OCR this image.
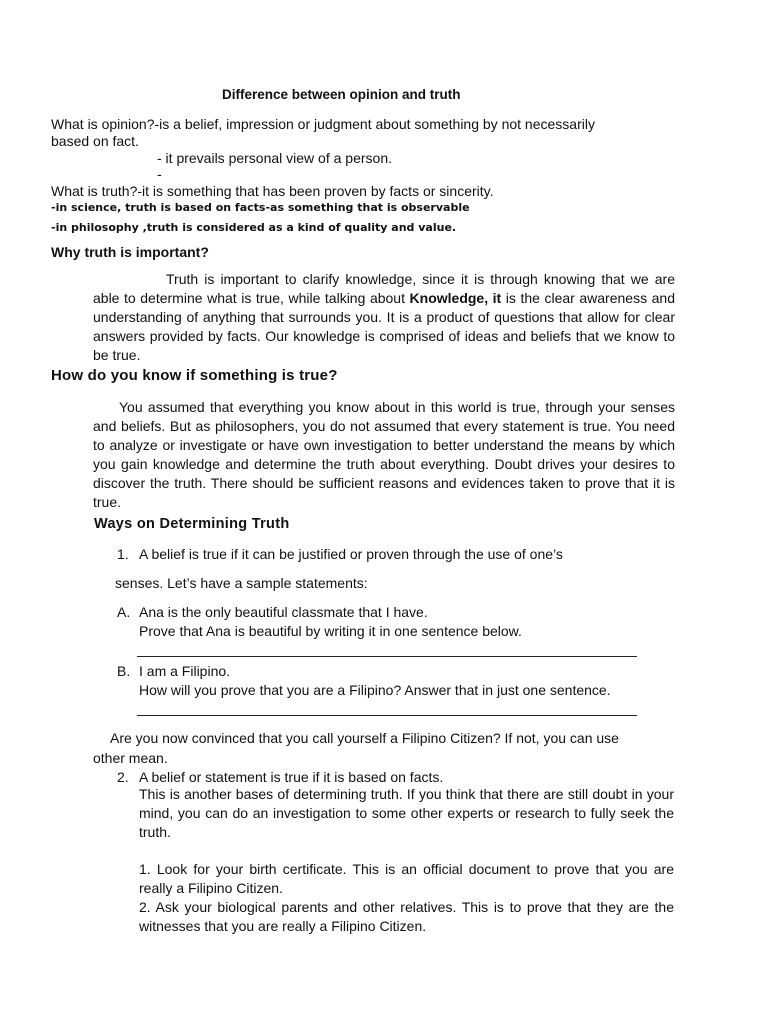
Difference between opinion and truth
What is opinion?-is a belief, impression or judgment about something by not necessarily
based on fact.
- it prevails personal view of a person.
-
What is truth?-it is something that has been proven by facts or sincerity.
-in science, truth is based on facts-as something that is observable
-in philosophy ,truth is considered as a kind of quality and value.
Why truth is important?
Truth is important to clarify knowledge, since it is through knowing that we are able to determine what is true, while talking about Knowledge, it is the clear awareness and understanding of anything that surrounds you. It is a product of questions that allow for clear answers provided by facts. Our knowledge is comprised of ideas and beliefs that we know to be true.
How do you know if something is true?
You assumed that everything you know about in this world is true, through your senses and beliefs. But as philosophers, you do not assumed that every statement is true. You need to analyze or investigate or have own investigation to better understand the means by which you gain knowledge and determine the truth about everything. Doubt drives your desires to discover the truth. There should be sufficient reasons and evidences taken to prove that it is true.
Ways on Determining Truth
1. A belief is true if it can be justified or proven through the use of one’s
senses. Let’s have a sample statements:
A. Ana is the only beautiful classmate that I have.
Prove that Ana is beautiful by writing it in one sentence below.
B. I am a Filipino.
How will you prove that you are a Filipino? Answer that in just one sentence.
Are you now convinced that you call yourself a Filipino Citizen? If not, you can use
other mean.
2. A belief or statement is true if it is based on facts.
This is another bases of determining truth. If you think that there are still doubt in your mind, you can do an investigation to some other experts or research to fully seek the truth.
1. Look for your birth certificate. This is an official document to prove that you are really a Filipino Citizen.
2. Ask your biological parents and other relatives. This is to prove that they are the witnesses that you are really a Filipino Citizen.
